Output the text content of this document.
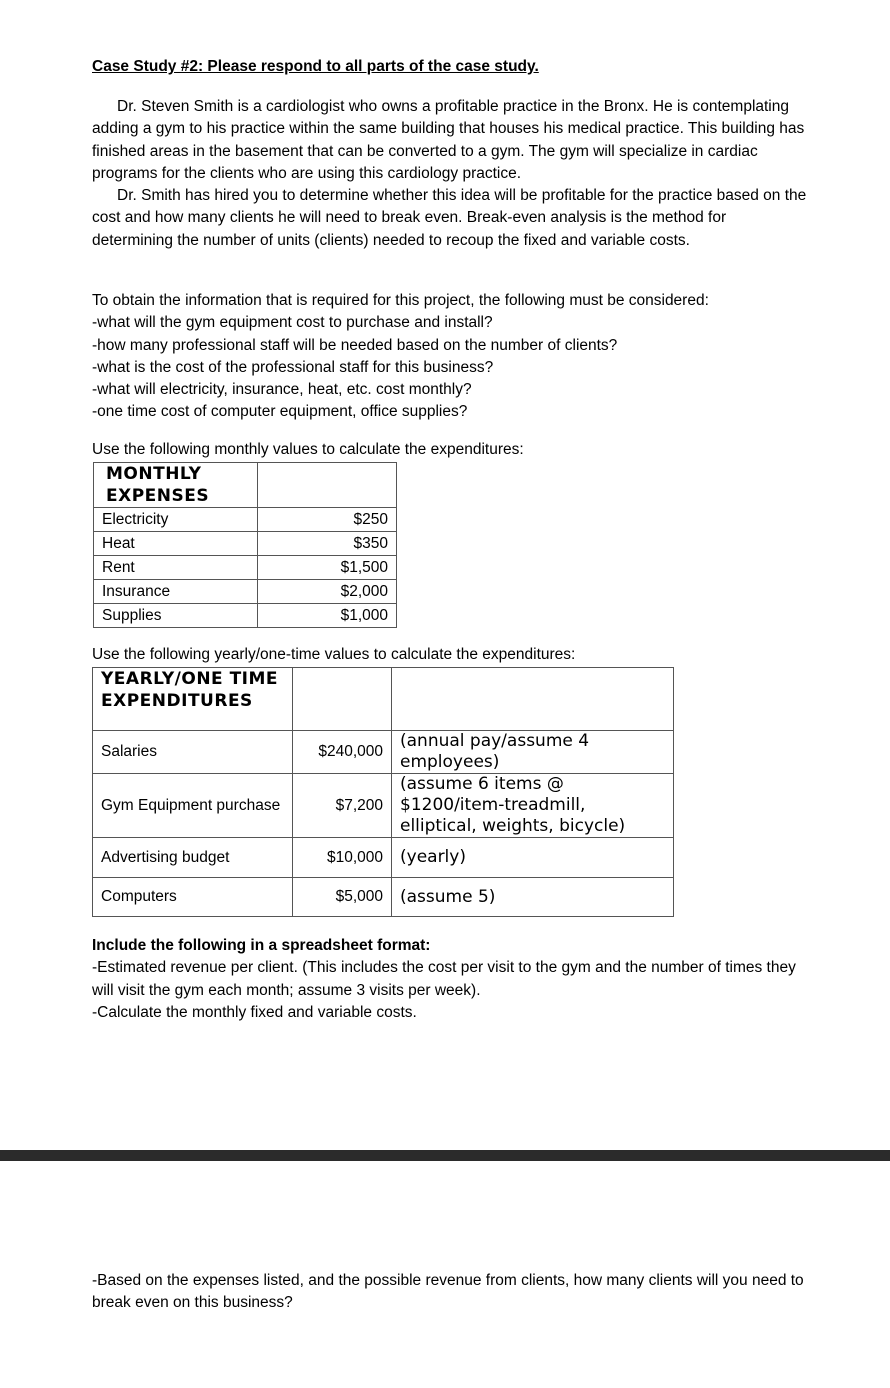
Case Study #2: Please respond to all parts of the case study.
Dr. Steven Smith is a cardiologist who owns a profitable practice in the Bronx. He is contemplating adding a gym to his practice within the same building that houses his medical practice. This building has finished areas in the basement that can be converted to a gym. The gym will specialize in cardiac programs for the clients who are using this cardiology practice.
Dr. Smith has hired you to determine whether this idea will be profitable for the practice based on the cost and how many clients he will need to break even. Break-even analysis is the method for determining the number of units (clients) needed to recoup the fixed and variable costs.
To obtain the information that is required for this project, the following must be considered:
-what will the gym equipment cost to purchase and install?
-how many professional staff will be needed based on the number of clients?
-what is the cost of the professional staff for this business?
-what will electricity, insurance, heat, etc. cost monthly?
-one time cost of computer equipment, office supplies?
Use the following monthly values to calculate the expenditures:
MONTHLY EXPENSES	

Electricity	$250
Heat	$350
Rent	$1,500
Insurance	$2,000
Supplies	$1,000
Use the following yearly/one-time values to calculate the expenditures:
YEARLY/ONE TIME EXPENDITURES		

Salaries	$240,000	(annual pay/assume 4 employees)
Gym Equipment purchase	$7,200	(assume 6 items @ $1200/item-treadmill, elliptical, weights, bicycle)
Advertising budget	$10,000	(yearly)
Computers	$5,000	(assume 5)
Include the following in a spreadsheet format:
-Estimated revenue per client. (This includes the cost per visit to the gym and the number of times they will visit the gym each month; assume 3 visits per week).
-Calculate the monthly fixed and variable costs.
-Based on the expenses listed, and the possible revenue from clients, how many clients will you need to break even on this business?
